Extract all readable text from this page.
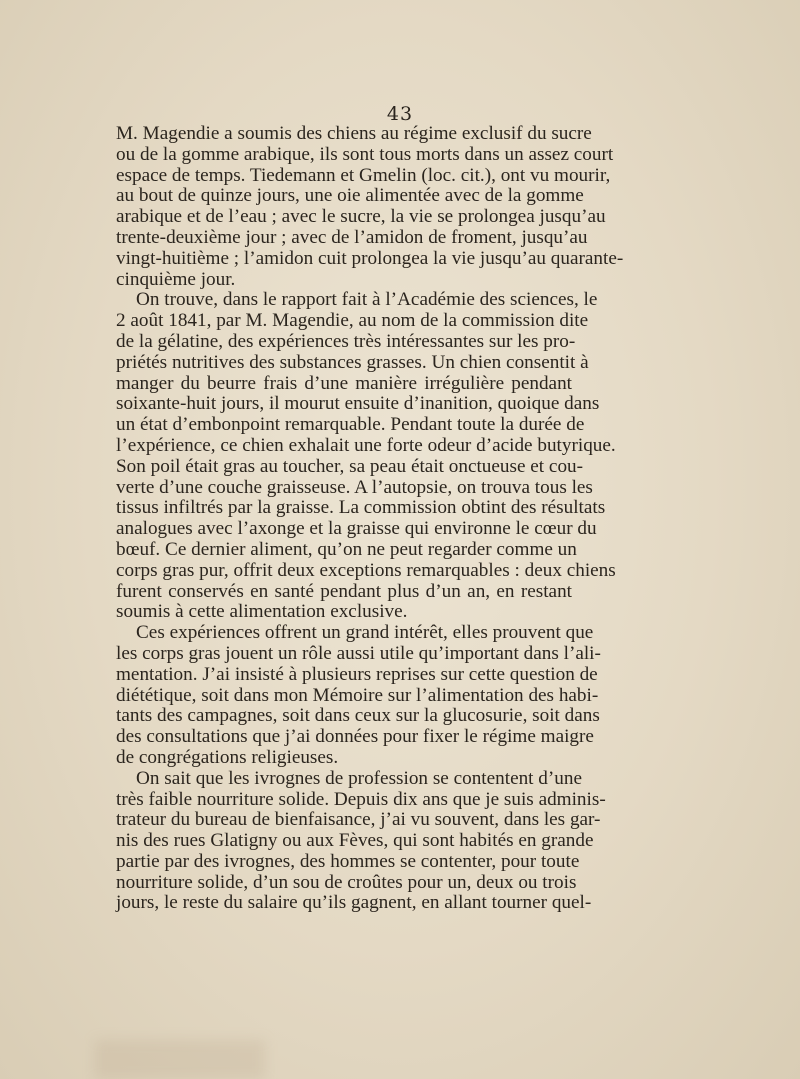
43
M. Magendie a soumis des chiens au régime exclusif du sucre
ou de la gomme arabique, ils sont tous morts dans un assez court
espace de temps. Tiedemann et Gmelin (loc. cit.), ont vu mourir,
au bout de quinze jours, une oie alimentée avec de la gomme
arabique et de l’eau ; avec le sucre, la vie se prolongea jusqu’au
trente-deuxième jour ; avec de l’amidon de froment, jusqu’au
vingt-huitième ; l’amidon cuit prolongea la vie jusqu’au quarante-
cinquième jour.
On trouve, dans le rapport fait à l’Académie des sciences, le
2 août 1841, par M. Magendie, au nom de la commission dite
de la gélatine, des expériences très intéressantes sur les pro-
priétés nutritives des substances grasses. Un chien consentit à
manger du beurre frais d’une manière irrégulière pendant
soixante-huit jours, il mourut ensuite d’inanition, quoique dans
un état d’embonpoint remarquable. Pendant toute la durée de
l’expérience, ce chien exhalait une forte odeur d’acide butyrique.
Son poil était gras au toucher, sa peau était onctueuse et cou-
verte d’une couche graisseuse. A l’autopsie, on trouva tous les
tissus infiltrés par la graisse. La commission obtint des résultats
analogues avec l’axonge et la graisse qui environne le cœur du
bœuf. Ce dernier aliment, qu’on ne peut regarder comme un
corps gras pur, offrit deux exceptions remarquables : deux chiens
furent conservés en santé pendant plus d’un an, en restant
soumis à cette alimentation exclusive.
Ces expériences offrent un grand intérêt, elles prouvent que
les corps gras jouent un rôle aussi utile qu’important dans l’ali-
mentation. J’ai insisté à plusieurs reprises sur cette question de
diététique, soit dans mon Mémoire sur l’alimentation des habi-
tants des campagnes, soit dans ceux sur la glucosurie, soit dans
des consultations que j’ai données pour fixer le régime maigre
de congrégations religieuses.
On sait que les ivrognes de profession se contentent d’une
très faible nourriture solide. Depuis dix ans que je suis adminis-
trateur du bureau de bienfaisance, j’ai vu souvent, dans les gar-
nis des rues Glatigny ou aux Fèves, qui sont habités en grande
partie par des ivrognes, des hommes se contenter, pour toute
nourriture solide, d’un sou de croûtes pour un, deux ou trois
jours, le reste du salaire qu’ils gagnent, en allant tourner quel-
